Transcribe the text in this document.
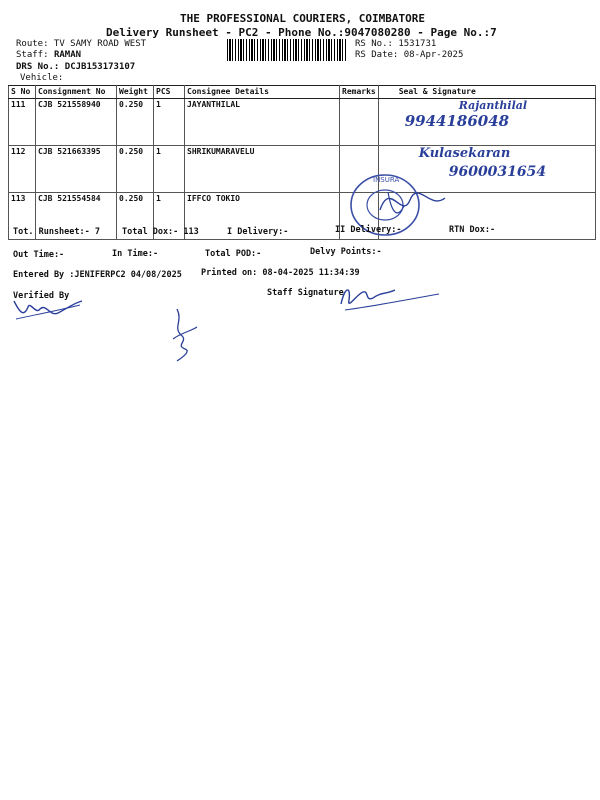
THE PROFESSIONAL COURIERS, COIMBATORE
Delivery Runsheet - PC2 - Phone No.:9047080280 - Page No.:7
Route: TV SAMY ROAD WEST
Staff: RAMAN
DRS No.: DCJB153173107
Vehicle:
RS No.: 1531731
RS Date: 08-Apr-2025
S No	Consignment No	Weight	PCS	Consignee Details	Remarks	Seal & Signature
111	CJB 521558940	0.250	1	JAYANTHILAL		Rajanthilal
9944186048

112	CJB 521663395	0.250	1	SHRIKUMARAVELU		Kulasekaran
9600031654

113	CJB 521554584	0.250	1	IFFCO TOKIO		
INSURA
Tot. Runsheet:- 7	Total Dox:- 113	I Delivery:-	II Delivery:-	RTN Dox:-
Out Time:-	In Time:-	Total POD:-	Delvy Points:-
Entered By :JENIFERPC2 04/08/2025 Printed on: 08-04-2025 11:34:39
Verified By	Staff Signature
